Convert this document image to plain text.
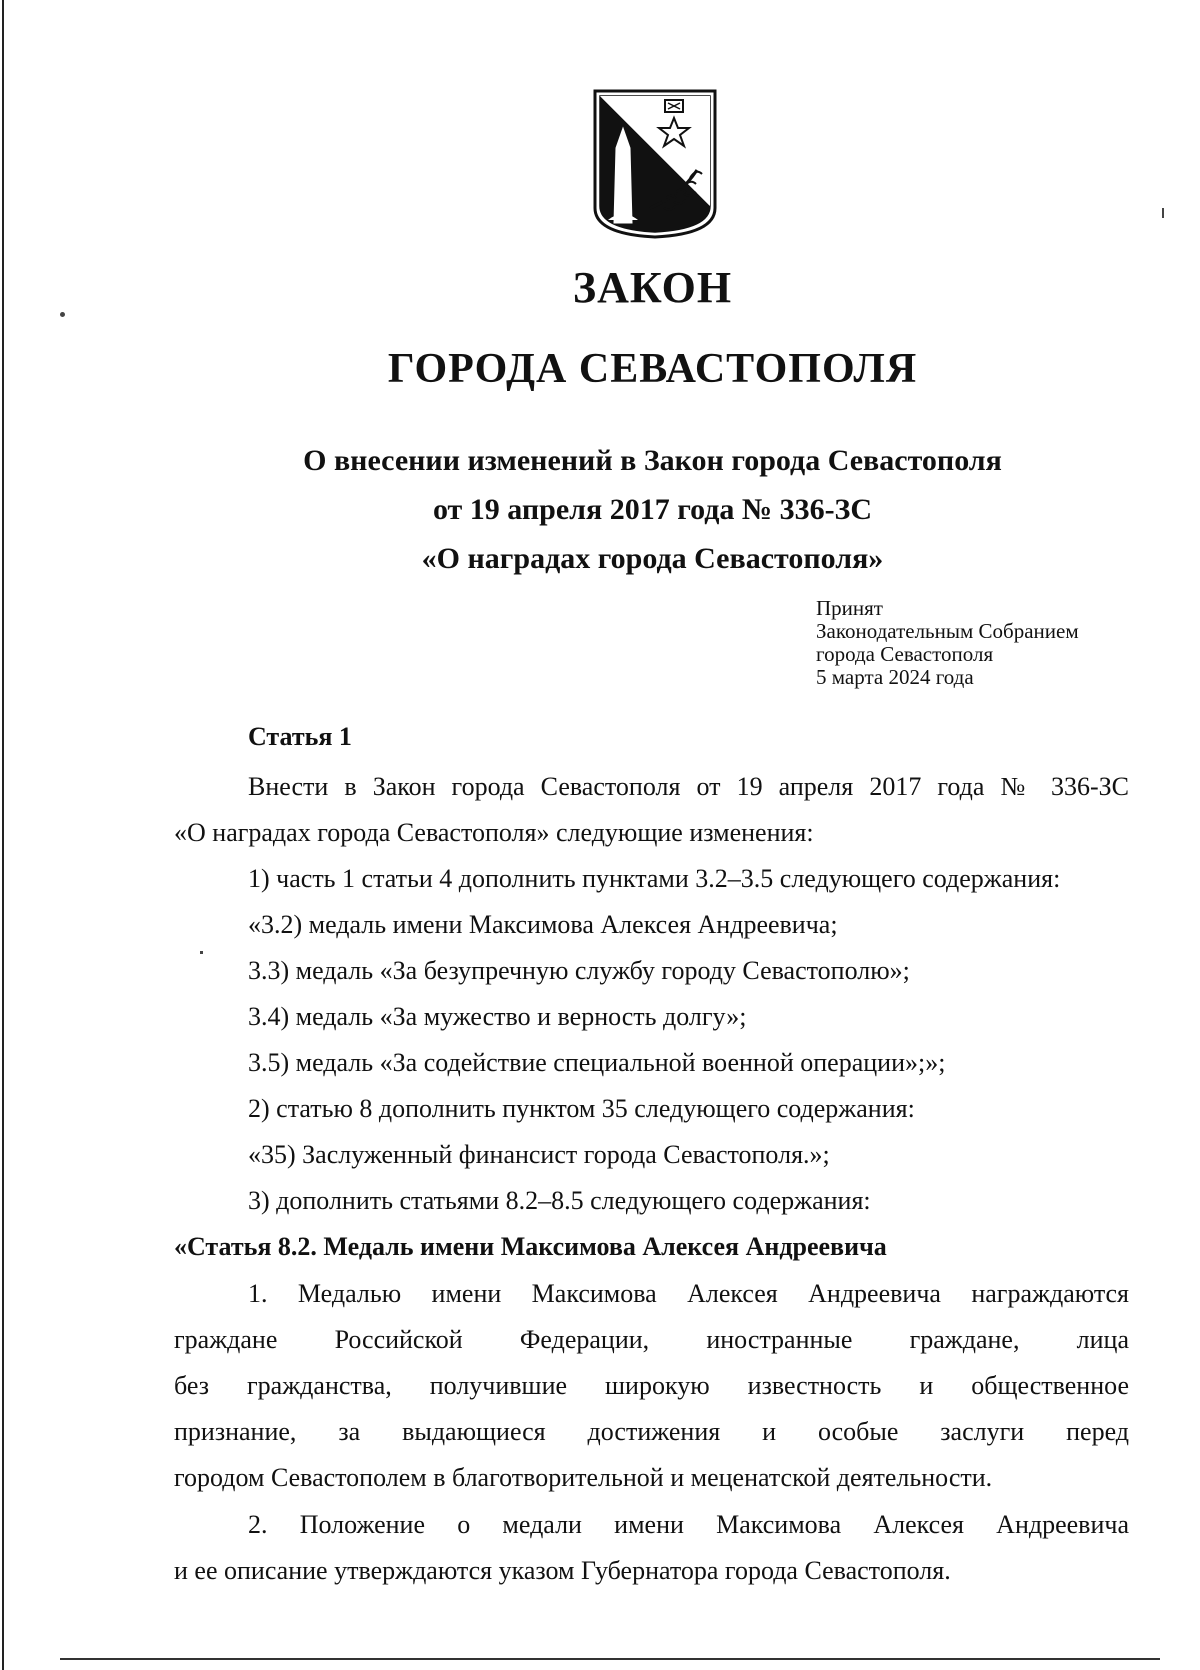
ЗАКОН
ГОРОДА СЕВАСТОПОЛЯ
О внесении изменений в Закон города Севастополя
от 19 апреля 2017 года № 336-ЗС
«О наградах города Севастополя»
Принят
Законодательным Собранием
города Севастополя
5 марта 2024 года
Статья 1
Внести в Закон города Севастополя от 19 апреля 2017 года № 336-ЗС
«О наградах города Севастополя» следующие изменения:
1) часть 1 статьи 4 дополнить пунктами 3.2–3.5 следующего содержания:
«3.2) медаль имени Максимова Алексея Андреевича;
3.3) медаль «За безупречную службу городу Севастополю»;
3.4) медаль «За мужество и верность долгу»;
3.5) медаль «За содействие специальной военной операции»;»;
2) статью 8 дополнить пунктом 35 следующего содержания:
«35) Заслуженный финансист города Севастополя.»;
3) дополнить статьями 8.2–8.5 следующего содержания:
«Статья 8.2. Медаль имени Максимова Алексея Андреевича
1. Медалью имени Максимова Алексея Андреевича награждаются
граждане Российской Федерации, иностранные граждане, лица
без гражданства, получившие широкую известность и общественное
признание, за выдающиеся достижения и особые заслуги перед
городом Севастополем в благотворительной и меценатской деятельности.
2. Положение о медали имени Максимова Алексея Андреевича
и ее описание утверждаются указом Губернатора города Севастополя.
